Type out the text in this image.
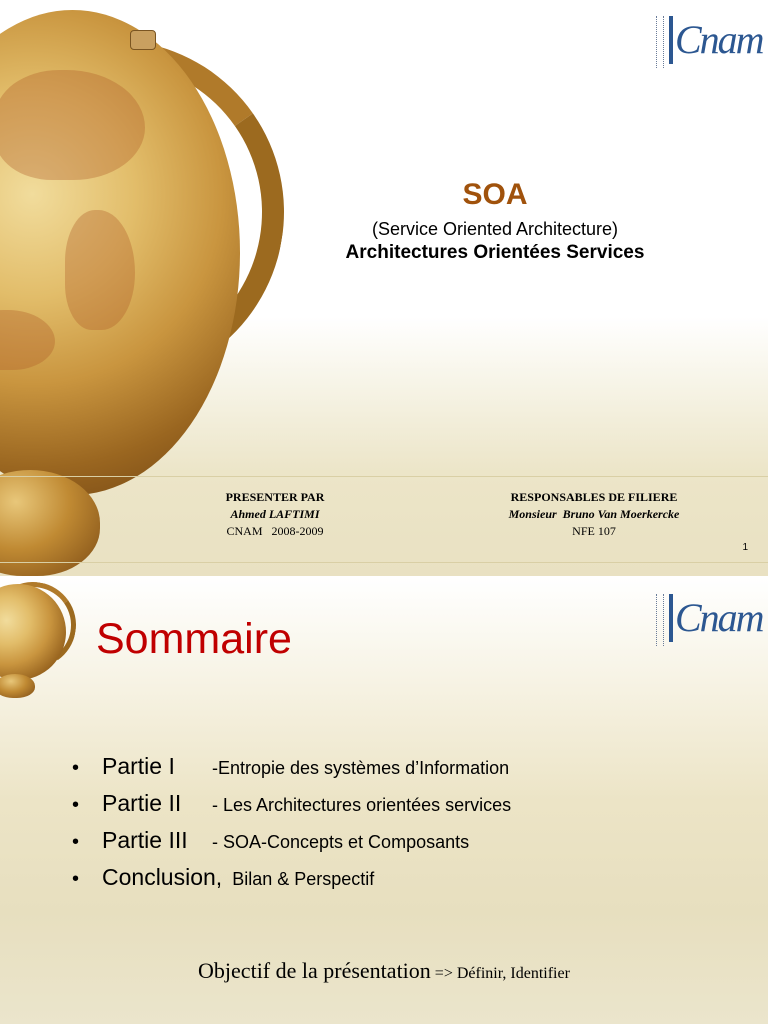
Cnam
SOA
(Service Oriented Architecture)
Architectures Orientées Services
PRESENTER PAR
Ahmed LAFTIMI
CNAM   2008-2009
RESPONSABLES DE FILIERE
Monsieur  Bruno Van Moerkercke
NFE 107
1
Cnam
Sommaire
• Partie I	-Entropie des systèmes d’Information
• Partie II	- Les Architectures orientées services
• Partie III	- SOA-Concepts et Composants
• Conclusion, Bilan & Perspectif
Objectif de la présentation => Définir, Identifier
